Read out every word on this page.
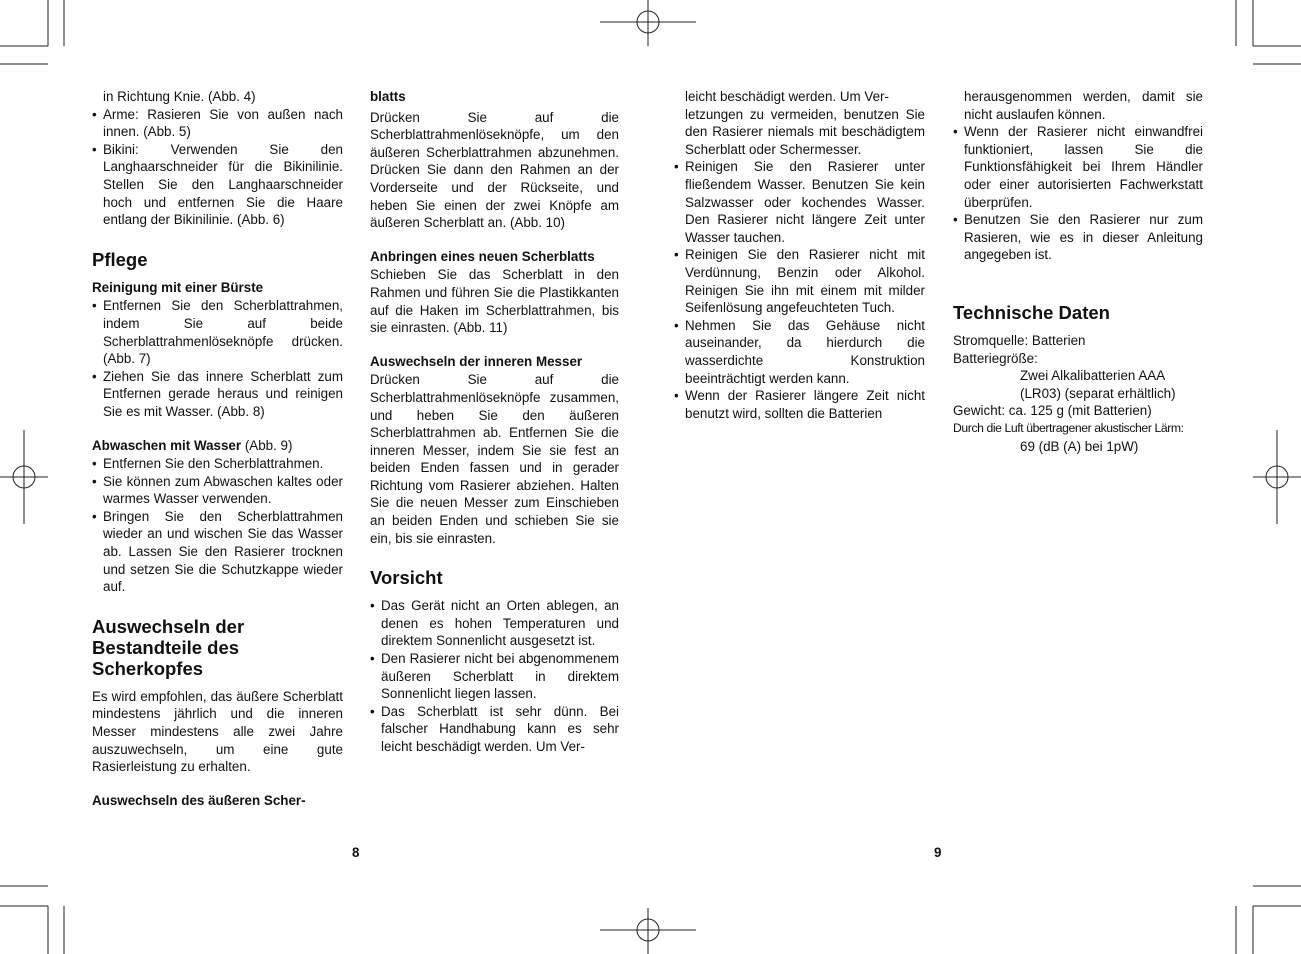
in Richtung Knie. (Abb. 4)

• Arme: Rasieren Sie von außen nach innen. (Abb. 5)
• Bikini: Verwenden Sie den Langhaarschneider für die Bikinilinie. Stellen Sie den Langhaarschneider hoch und entfernen Sie die Haare entlang der Bikinilinie. (Abb. 6)
Pflege
Reinigung mit einer Bürste
• Entfernen Sie den Scherblattrahmen, indem Sie auf beide Scherblattrahmenlöseknöpfe drücken. (Abb. 7)
• Ziehen Sie das innere Scherblatt zum Entfernen gerade heraus und reinigen Sie es mit Wasser. (Abb. 8)
Abwaschen mit Wasser (Abb. 9)
• Entfernen Sie den Scherblattrahmen.
• Sie können zum Abwaschen kaltes oder warmes Wasser verwenden.
• Bringen Sie den Scherblattrahmen wieder an und wischen Sie das Wasser ab. Lassen Sie den Rasierer trocknen und setzen Sie die Schutzkappe wieder auf.
Auswechseln der Bestandteile des Scherkopfes

Es wird empfohlen, das äußere Scherblatt mindestens jährlich und die inneren Messer mindestens alle zwei Jahre auszuwechseln, um eine gute Rasierleistung zu erhalten.

Auswechseln des äußeren Scher-
blatts

Drücken Sie auf die Scherblattrahmenlöseknöpfe, um den äußeren Scherblattrahmen abzunehmen. Drücken Sie dann den Rahmen an der Vorderseite und der Rückseite, und heben Sie einen der zwei Knöpfe am äußeren Scherblatt an. (Abb. 10)

Anbringen eines neuen Scherblatts

Schieben Sie das Scherblatt in den Rahmen und führen Sie die Plastikkanten auf die Haken im Scherblattrahmen, bis sie einrasten. (Abb. 11)

Auswechseln der inneren Messer

Drücken Sie auf die Scherblattrahmenlöseknöpfe zusammen, und heben Sie den äußeren Scherblattrahmen ab. Entfernen Sie die inneren Messer, indem Sie sie fest an beiden Enden fassen und in gerader Richtung vom Rasierer abziehen. Halten Sie die neuen Messer zum Einschieben an beiden Enden und schieben Sie sie ein, bis sie einrasten.

Vorsicht
• Das Gerät nicht an Orten ablegen, an denen es hohen Temperaturen und direktem Sonnenlicht ausgesetzt ist.
• Den Rasierer nicht bei abgenommenem äußeren Scherblatt in direktem Sonnenlicht liegen lassen.
• Das Scherblatt ist sehr dünn. Bei falscher Handhabung kann es sehr leicht beschädigt werden. Um Ver-

leicht beschädigt werden. Um Ver-

letzungen zu vermeiden, benutzen Sie den Rasierer niemals mit beschädigtem Scherblatt oder Schermesser.

• Reinigen Sie den Rasierer unter fließendem Wasser. Benutzen Sie kein Salzwasser oder kochendes Wasser. Den Rasierer nicht längere Zeit unter Wasser tauchen.
• Reinigen Sie den Rasierer nicht mit Verdünnung, Benzin oder Alkohol. Reinigen Sie ihn mit einem mit milder Seifenlösung angefeuchteten Tuch.
• Nehmen Sie das Gehäuse nicht auseinander, da hierdurch die wasserdichte Konstruktion beeinträchtigt werden kann.
• Wenn der Rasierer längere Zeit nicht benutzt wird, sollten die Batterien

herausgenommen werden, damit sie nicht auslaufen können.

• Wenn der Rasierer nicht einwandfrei funktioniert, lassen Sie die Funktionsfähigkeit bei Ihrem Händler oder einer autorisierten Fachwerkstatt überprüfen.
• Benutzen Sie den Rasierer nur zum Rasieren, wie es in dieser Anleitung angegeben ist.
Technische Daten

Stromquelle: Batterien

Batteriegröße:

Zwei Alkalibatterien AAA

(LR03) (separat erhältlich)

Gewicht: ca. 125 g (mit Batterien)

Durch die Luft übertragener akustischer Lärm:

69 (dB (A) bei 1pW)

8	9
